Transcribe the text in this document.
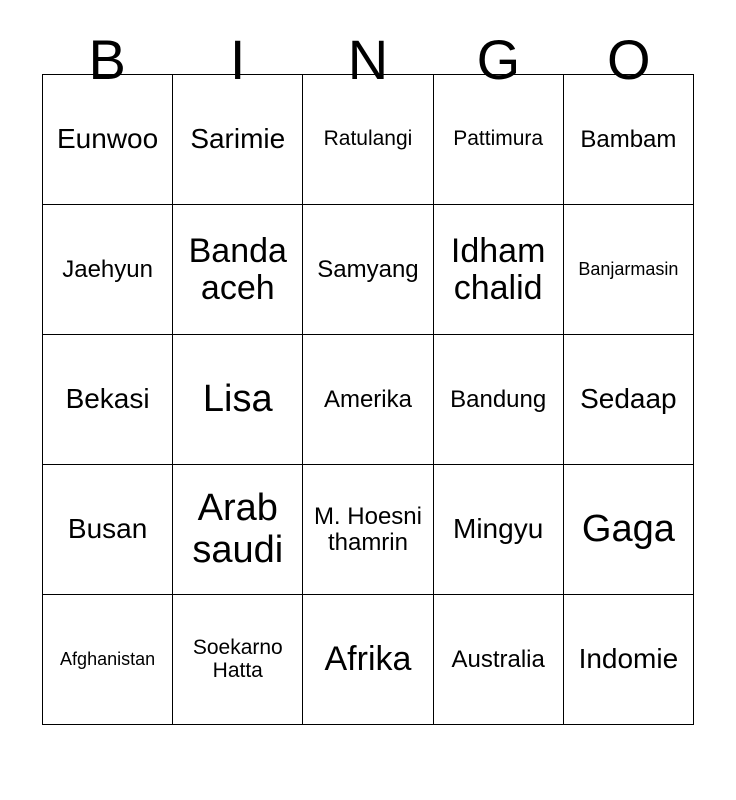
B	I	N	G	O
Eunwoo	Sarimie	Ratulangi	Pattimura	Bambam
Jaehyun	Banda aceh	Samyang	Idham chalid	Banjarmasin
Bekasi	Lisa	Amerika	Bandung	Sedaap
Busan	Arab saudi	M. Hoesni thamrin	Mingyu	Gaga
Afghanistan	Soekarno Hatta	Afrika	Australia	Indomie
